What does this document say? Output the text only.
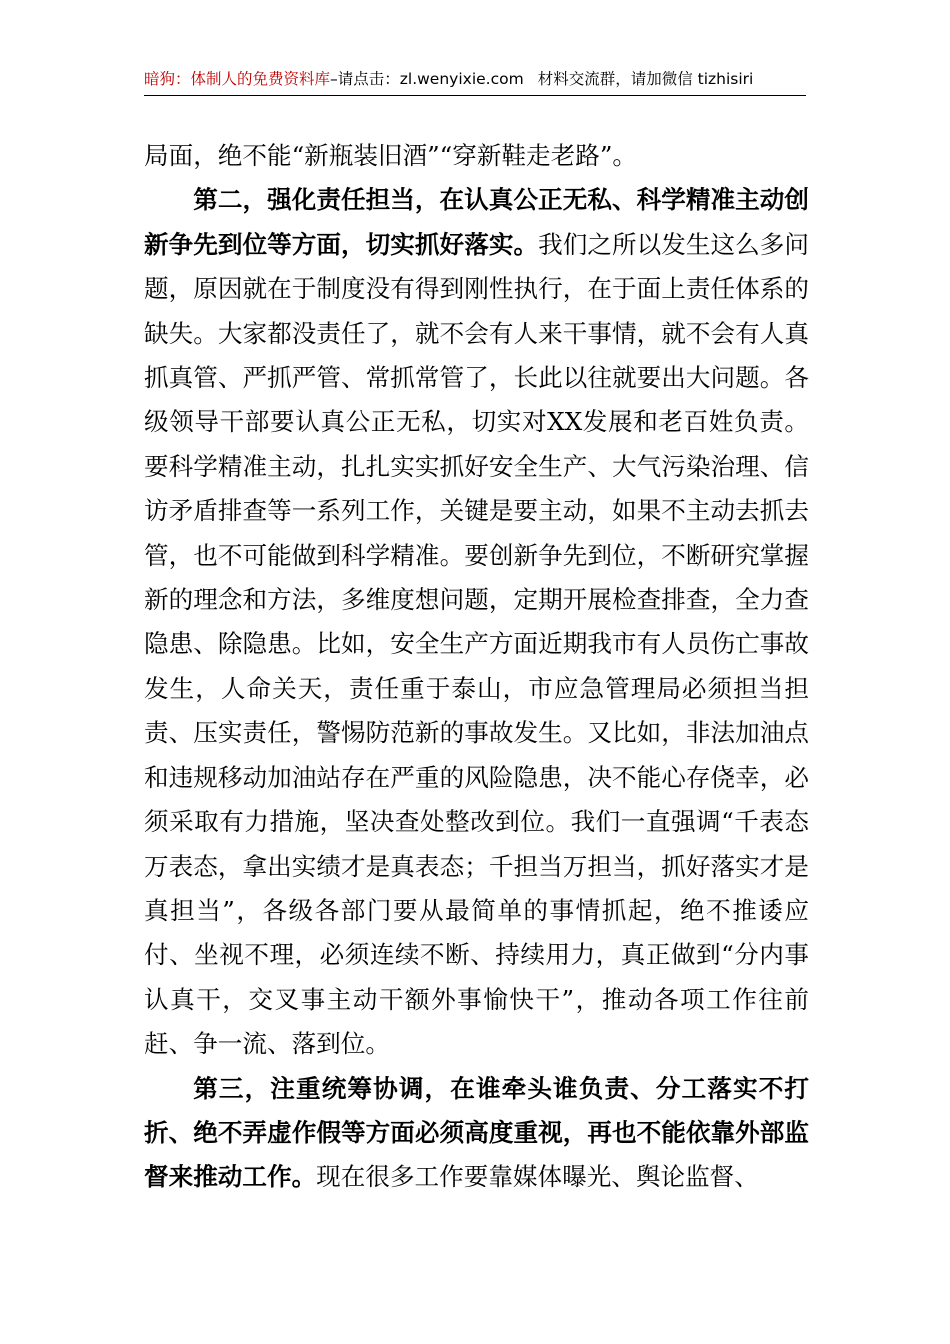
暗狗：体制人的免费资料库–请点击：zl.wenyixie.com 材料交流群，请加微信 tizhisiri

局面，绝不能“新瓶装旧酒”“穿新鞋走老路”。

第二，强化责任担当，在认真公正无私、科学精准主动创新争先到位等方面，切实抓好落实。我们之所以发生这么多问题，原因就在于制度没有得到刚性执行，在于面上责任体系的缺失。大家都没责任了，就不会有人来干事情，就不会有人真抓真管、严抓严管、常抓常管了，长此以往就要出大问题。各级领导干部要认真公正无私，切实对XX发展和老百姓负责。要科学精准主动，扎扎实实抓好安全生产、大气污染治理、信访矛盾排查等一系列工作，关键是要主动，如果不主动去抓去管，也不可能做到科学精准。要创新争先到位，不断研究掌握新的理念和方法，多维度想问题，定期开展检查排查，全力查隐患、除隐患。比如，安全生产方面近期我市有人员伤亡事故发生，人命关天，责任重于泰山，市应急管理局必须担当担责、压实责任，警惕防范新的事故发生。又比如，非法加油点和违规移动加油站存在严重的风险隐患，决不能心存侥幸，必须采取有力措施，坚决查处整改到位。我们一直强调“千表态万表态，拿出实绩才是真表态；千担当万担当，抓好落实才是真担当”，各级各部门要从最简单的事情抓起，绝不推诿应付、坐视不理，必须连续不断、持续用力，真正做到“分内事认真干，交叉事主动干额外事愉快干”，推动各项工作往前赶、争一流、落到位。

第三，注重统筹协调，在谁牵头谁负责、分工落实不打折、绝不弄虚作假等方面必须高度重视，再也不能依靠外部监督来推动工作。现在很多工作要靠媒体曝光、舆论监督、
